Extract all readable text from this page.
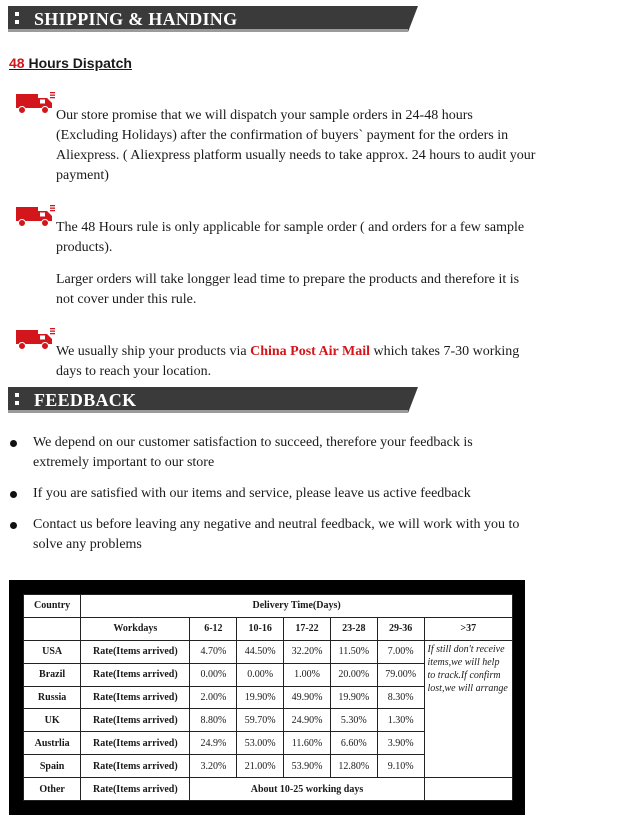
SHIPPING & HANDING
48 Hours Dispatch
Our store promise that we will dispatch your sample orders in 24-48 hours (Excluding Holidays) after the confirmation of buyers` payment for the orders in Aliexpress. ( Aliexpress platform usually needs to take approx. 24 hours to audit your payment)
The 48 Hours rule is only applicable for sample order ( and orders for a few sample products).
Larger orders will take longger lead time to prepare the products and therefore it is not cover under this rule.
We usually ship your products via China Post Air Mail which takes 7-30 working days to reach your location.
FEEDBACK
We depend on our customer satisfaction to succeed, therefore your feedback is extremely important to our store
If you are satisfied with our items and service, please leave us active feedback
Contact us before leaving any negative and neutral feedback, we will work with you to solve any problems
Country	Delivery Time(Days)						
	Workdays	6-12	10-16	17-22	23-28	29-36	>37
USA	Rate(Items arrived)	4.70%	44.50%	32.20%	11.50%	7.00%	If still don't receive items,we will help to track.If confirm lost,we will arrange
Brazil	Rate(Items arrived)	0.00%	0.00%	1.00%	20.00%	79.00%	
Russia	Rate(Items arrived)	2.00%	19.90%	49.90%	19.90%	8.30%	
UK	Rate(Items arrived)	8.80%	59.70%	24.90%	5.30%	1.30%	
Austrlia	Rate(Items arrived)	24.9%	53.00%	11.60%	6.60%	3.90%	
Spain	Rate(Items arrived)	3.20%	21.00%	53.90%	12.80%	9.10%	
Other	Rate(Items arrived)	About 10-25 working days					
